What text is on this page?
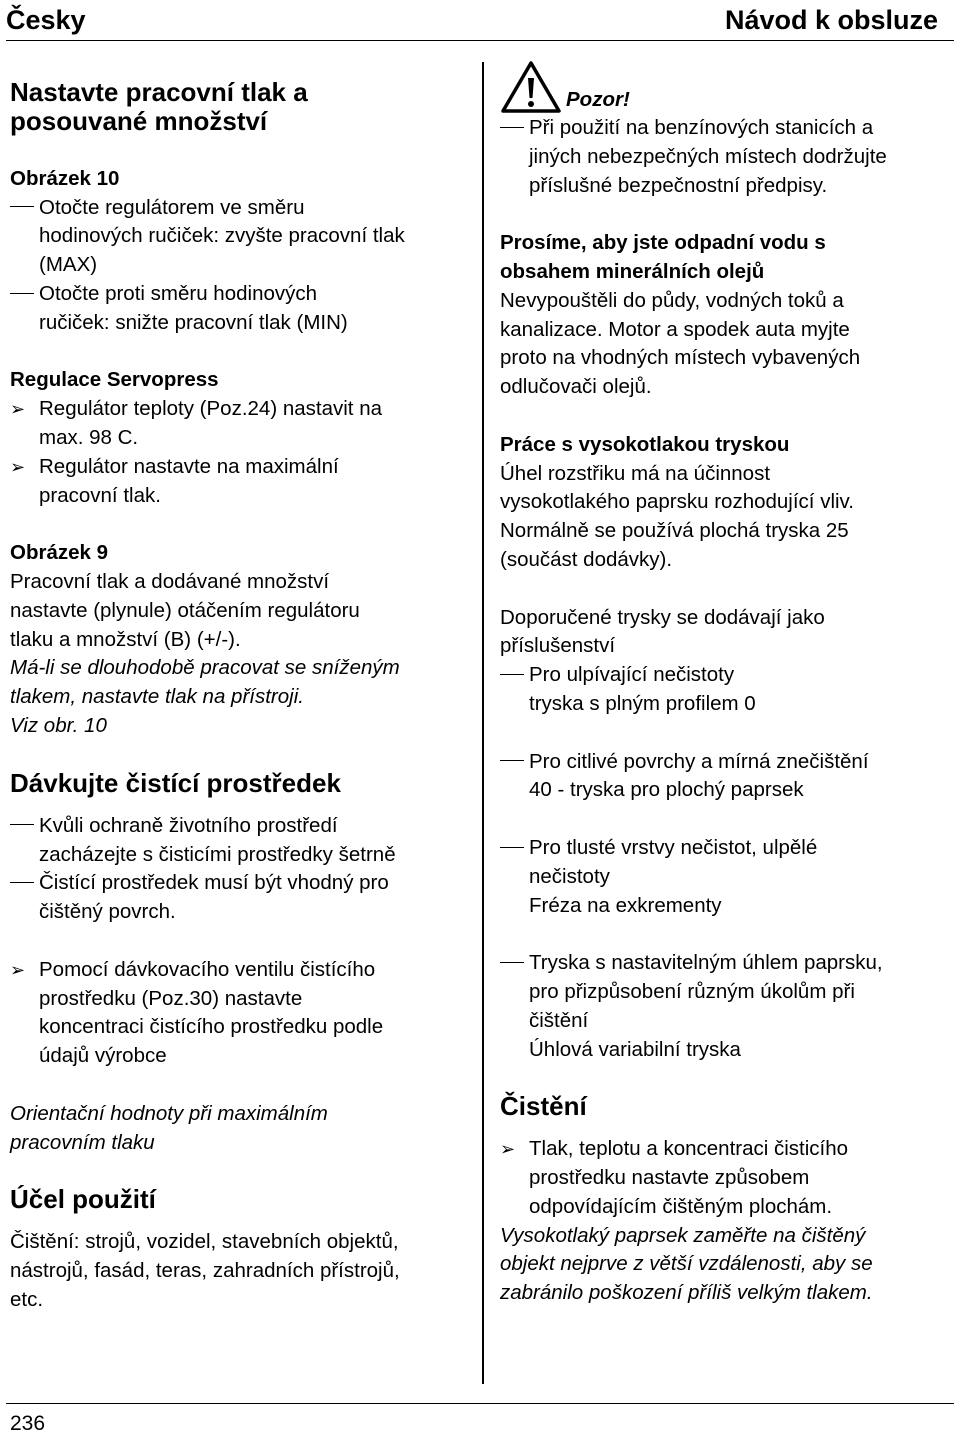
Česky	Návod k obsluze
236

Nastavte pracovní tlak a

posouvané množství

Obrázek 10

Otočte regulátorem ve směru

hodinových ručiček: zvyšte pracovní tlak

(MAX)

Otočte proti směru hodinových

ručiček: snižte pracovní tlak (MIN)

Regulace Servopress

➢ Regulátor teploty (Poz.24) nastavit na

max. 98 C.

➢ Regulátor nastavte na maximální

pracovní tlak.

Obrázek 9

Pracovní tlak a dodávané množství

nastavte (plynule) otáčením regulátoru

tlaku a množství (B) (+/-).

Má-li se dlouhodobě pracovat se sníženým

tlakem, nastavte tlak na přístroji.

Viz obr. 10

Dávkujte čistící prostředek

Kvůli ochraně životního prostředí

zacházejte s čisticími prostředky šetrně

Čistící prostředek musí být vhodný pro

čištěný povrch.

➢ Pomocí dávkovacího ventilu čistícího

prostředku (Poz.30) nastavte

koncentraci čistícího prostředku podle

údajů výrobce

Orientační hodnoty při maximálním

pracovním tlaku

Účel použití

Čištění: strojů, vozidel, stavebních objektů,

nástrojů, fasád, teras, zahradních přístrojů,

etc.

Pozor!

Při použití na benzínových stanicích a

jiných nebezpečných místech dodržujte

příslušné bezpečnostní předpisy.

Prosíme, aby jste odpadní vodu s

obsahem minerálních olejů

Nevypouštěli do půdy, vodných toků a

kanalizace. Motor a spodek auta myjte

proto na vhodných místech vybavených

odlučovači olejů.

Práce s vysokotlakou tryskou

Úhel rozstřiku má na účinnost

vysokotlakého paprsku rozhodující vliv.

Normálně se používá plochá tryska 25

(součást dodávky).

Doporučené trysky se dodávají jako

příslušenství

Pro ulpívající nečistoty

tryska s plným profilem 0

Pro citlivé povrchy a mírná znečištění

40 - tryska pro plochý paprsek

Pro tlusté vrstvy nečistot, ulpělé

nečistoty

Fréza na exkrementy

Tryska s nastavitelným úhlem paprsku,

pro přizpůsobení různým úkolům při

čištění

Úhlová variabilní tryska

Čistění

➢ Tlak, teplotu a koncentraci čisticího

prostředku nastavte způsobem

odpovídajícím čištěným plochám.

Vysokotlaký paprsek zaměřte na čištěný

objekt nejprve z větší vzdálenosti, aby se

zabránilo poškození příliš velkým tlakem.
